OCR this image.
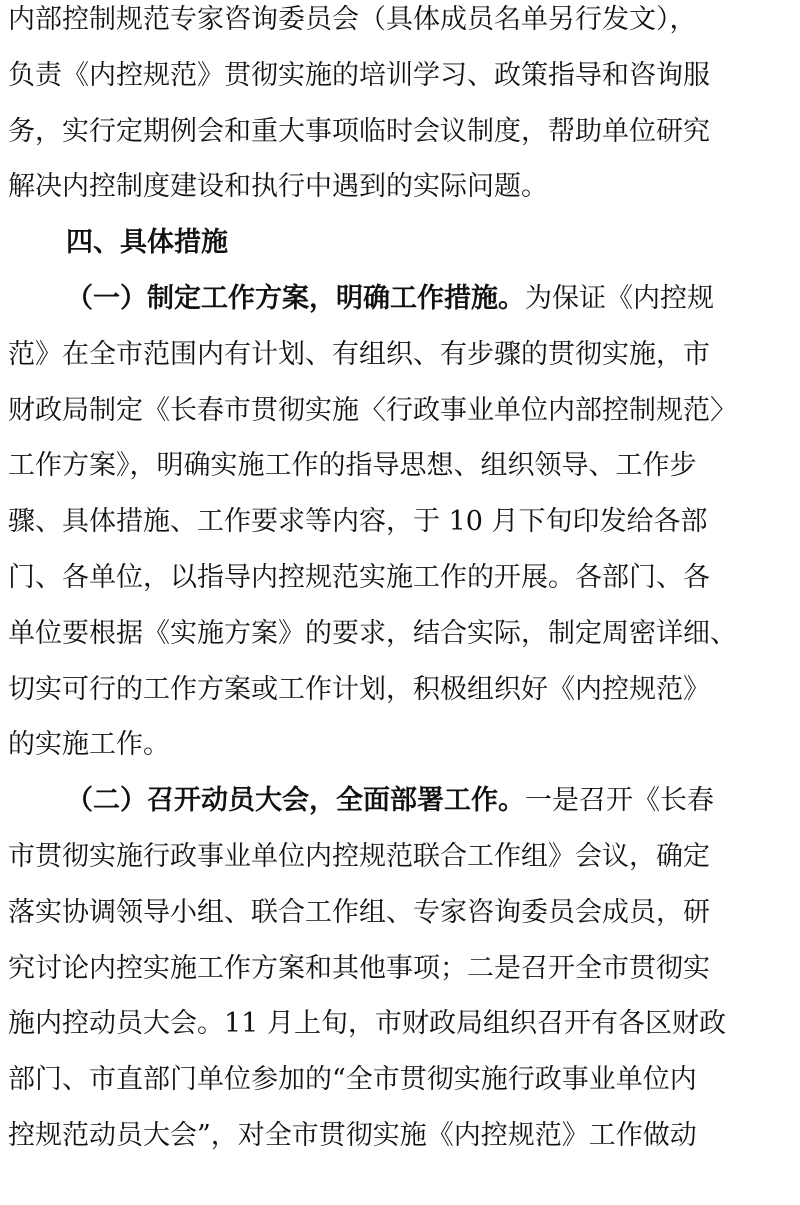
内部控制规范专家咨询委员会（具体成员名单另行发文），
负责《内控规范》贯彻实施的培训学习、政策指导和咨询服
务，实行定期例会和重大事项临时会议制度，帮助单位研究
解决内控制度建设和执行中遇到的实际问题。
四、具体措施
（一）制定工作方案，明确工作措施。为保证《内控规
范》在全市范围内有计划、有组织、有步骤的贯彻实施，市
财政局制定《长春市贯彻实施〈行政事业单位内部控制规范〉
工作方案》，明确实施工作的指导思想、组织领导、工作步
骤、具体措施、工作要求等内容，于 10 月下旬印发给各部
门、各单位，以指导内控规范实施工作的开展。各部门、各
单位要根据《实施方案》的要求，结合实际，制定周密详细、
切实可行的工作方案或工作计划，积极组织好《内控规范》
的实施工作。
（二）召开动员大会，全面部署工作。一是召开《长春
市贯彻实施行政事业单位内控规范联合工作组》会议，确定
落实协调领导小组、联合工作组、专家咨询委员会成员，研
究讨论内控实施工作方案和其他事项；二是召开全市贯彻实
施内控动员大会。11 月上旬，市财政局组织召开有各区财政
部门、市直部门单位参加的“全市贯彻实施行政事业单位内
控规范动员大会”，对全市贯彻实施《内控规范》工作做动
